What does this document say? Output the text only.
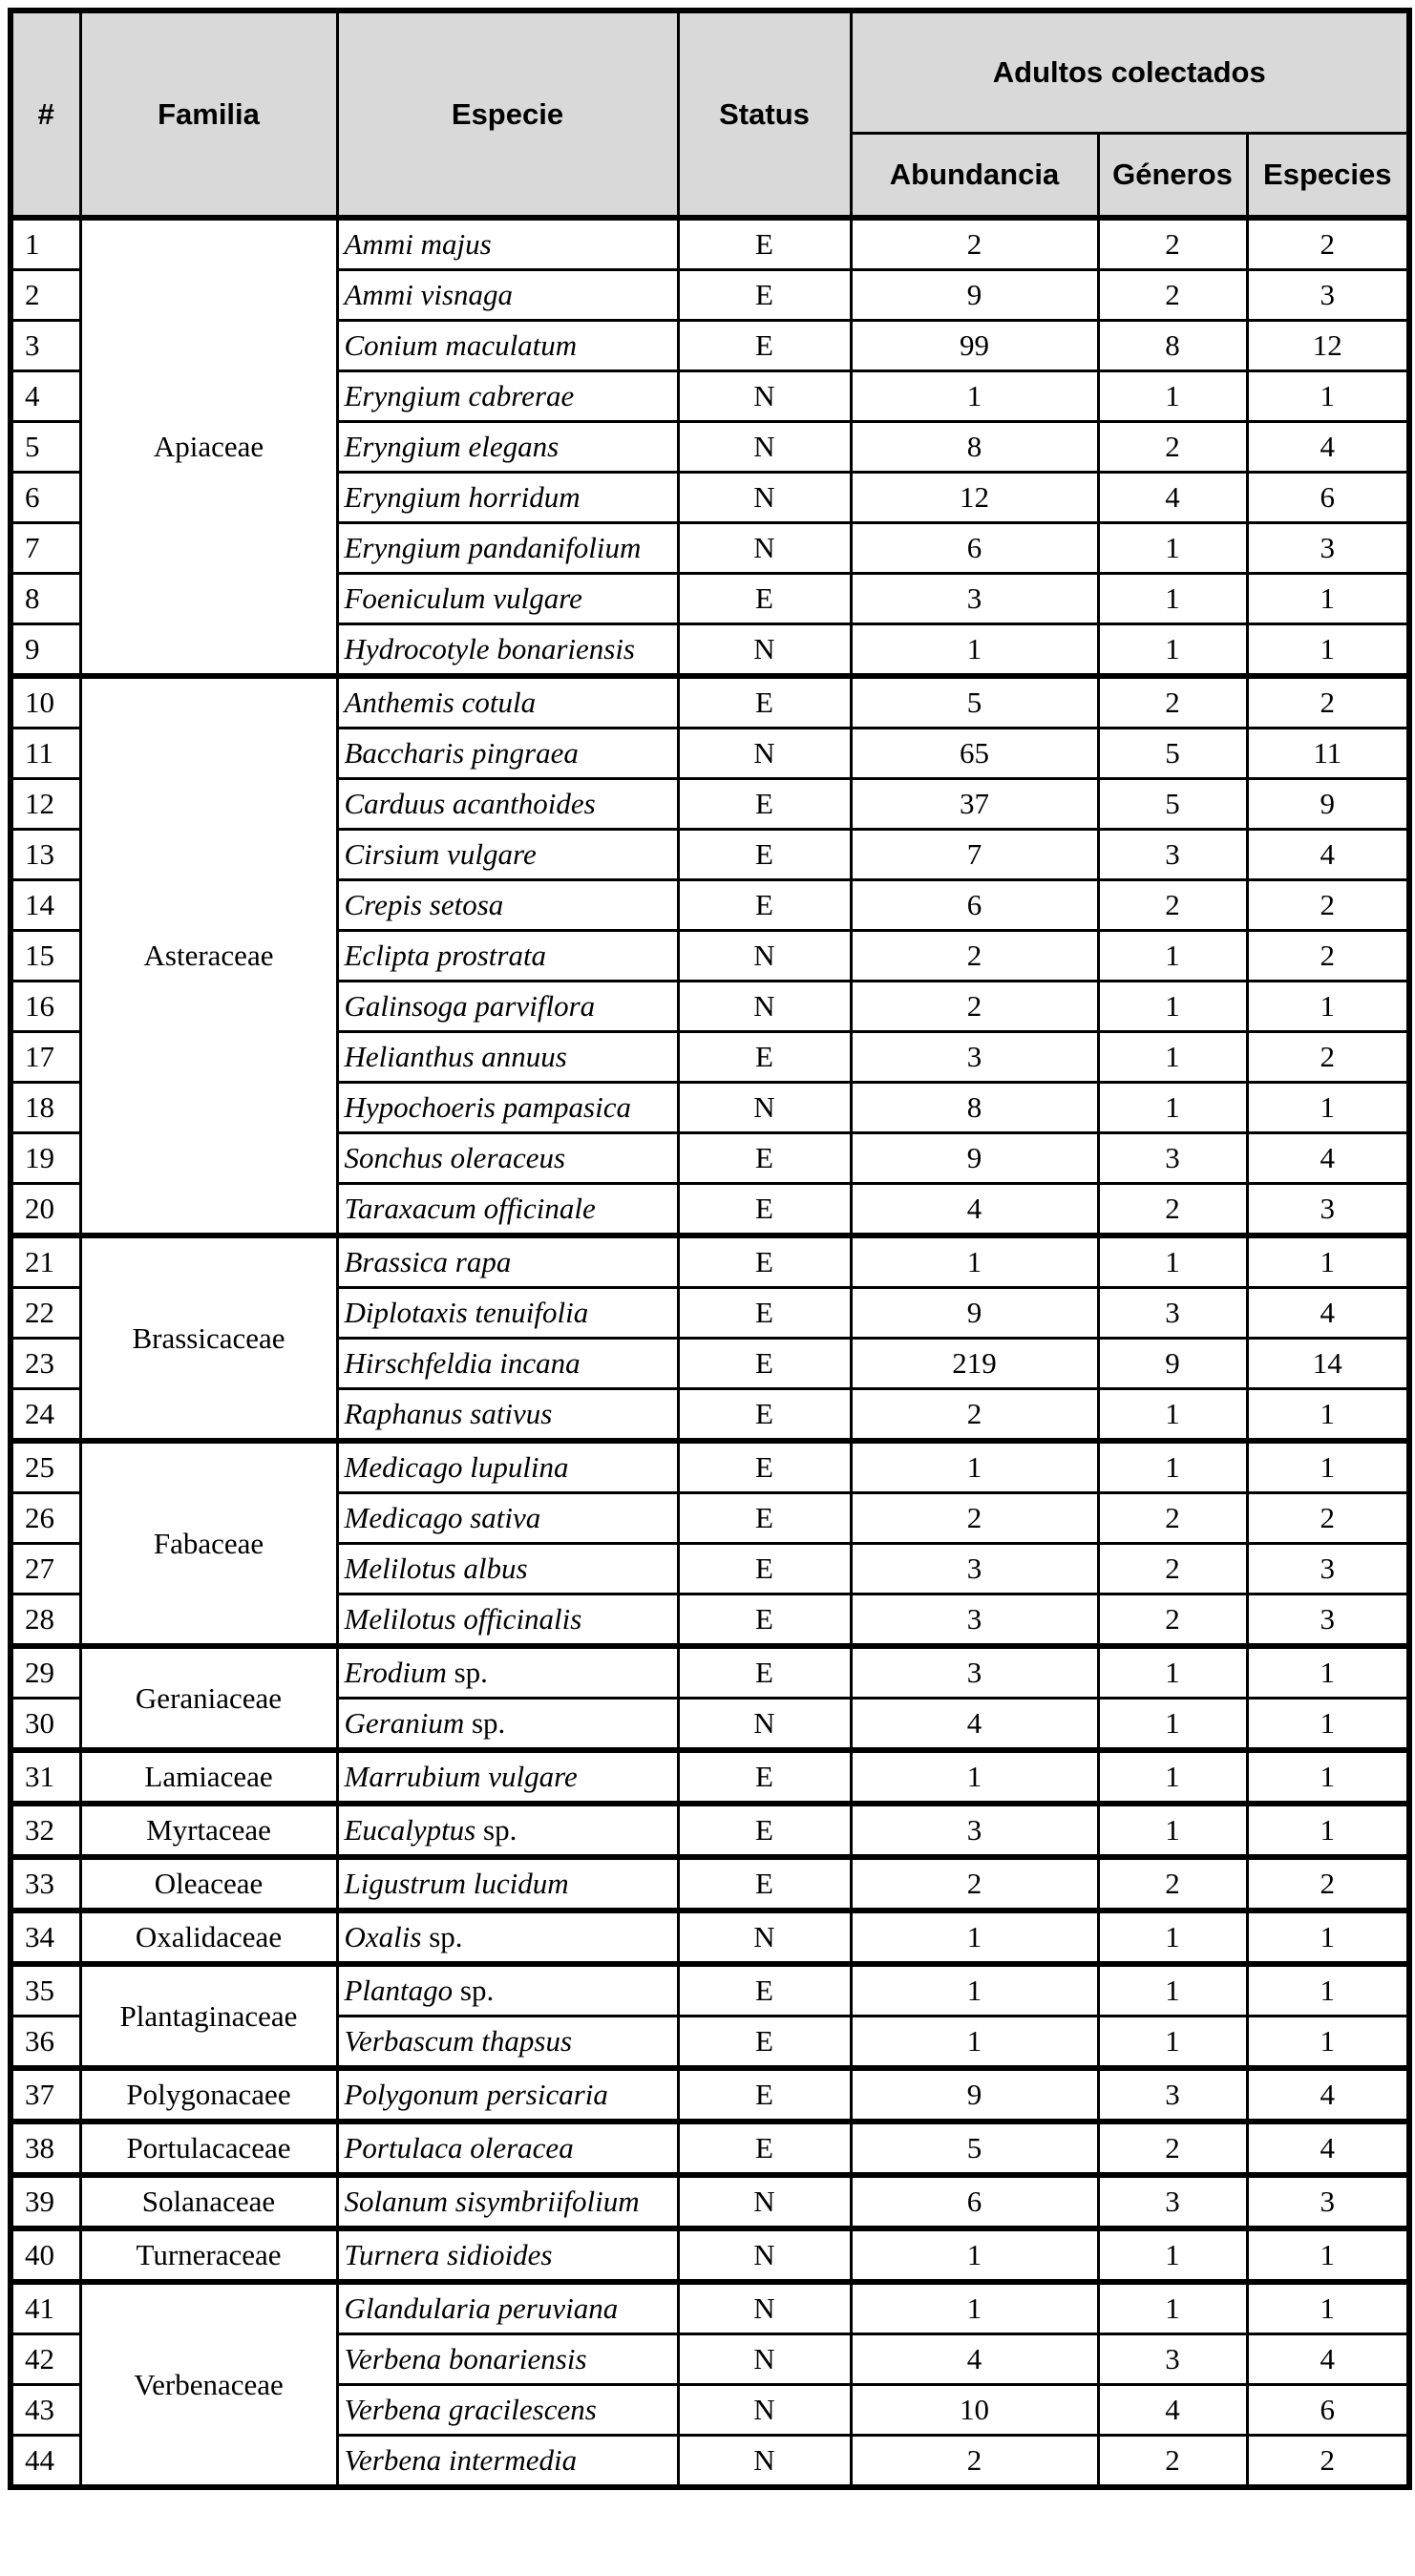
#	Familia	Especie	Status	Adultos colectados		
				Abundancia	Géneros	Especies
1	Apiaceae	Ammi majus	E	2	2	2
2		Ammi visnaga	E	9	2	3
3		Conium maculatum	E	99	8	12
4		Eryngium cabrerae	N	1	1	1
5		Eryngium elegans	N	8	2	4
6		Eryngium horridum	N	12	4	6
7		Eryngium pandanifolium	N	6	1	3
8		Foeniculum vulgare	E	3	1	1
9		Hydrocotyle bonariensis	N	1	1	1
10	Asteraceae	Anthemis cotula	E	5	2	2
11		Baccharis pingraea	N	65	5	11
12		Carduus acanthoides	E	37	5	9
13		Cirsium vulgare	E	7	3	4
14		Crepis setosa	E	6	2	2
15		Eclipta prostrata	N	2	1	2
16		Galinsoga parviflora	N	2	1	1
17		Helianthus annuus	E	3	1	2
18		Hypochoeris pampasica	N	8	1	1
19		Sonchus oleraceus	E	9	3	4
20		Taraxacum officinale	E	4	2	3
21	Brassicaceae	Brassica rapa	E	1	1	1
22		Diplotaxis tenuifolia	E	9	3	4
23		Hirschfeldia incana	E	219	9	14
24		Raphanus sativus	E	2	1	1
25	Fabaceae	Medicago lupulina	E	1	1	1
26		Medicago sativa	E	2	2	2
27		Melilotus albus	E	3	2	3
28		Melilotus officinalis	E	3	2	3
29	Geraniaceae	Erodium sp.	E	3	1	1
30		Geranium sp.	N	4	1	1
31	Lamiaceae	Marrubium vulgare	E	1	1	1
32	Myrtaceae	Eucalyptus sp.	E	3	1	1
33	Oleaceae	Ligustrum lucidum	E	2	2	2
34	Oxalidaceae	Oxalis sp.	N	1	1	1
35	Plantaginaceae	Plantago sp.	E	1	1	1
36		Verbascum thapsus	E	1	1	1
37	Polygonacaee	Polygonum persicaria	E	9	3	4
38	Portulacaceae	Portulaca oleracea	E	5	2	4
39	Solanaceae	Solanum sisymbriifolium	N	6	3	3
40	Turneraceae	Turnera sidioides	N	1	1	1
41	Verbenaceae	Glandularia peruviana	N	1	1	1
42		Verbena bonariensis	N	4	3	4
43		Verbena gracilescens	N	10	4	6
44		Verbena intermedia	N	2	2	2
